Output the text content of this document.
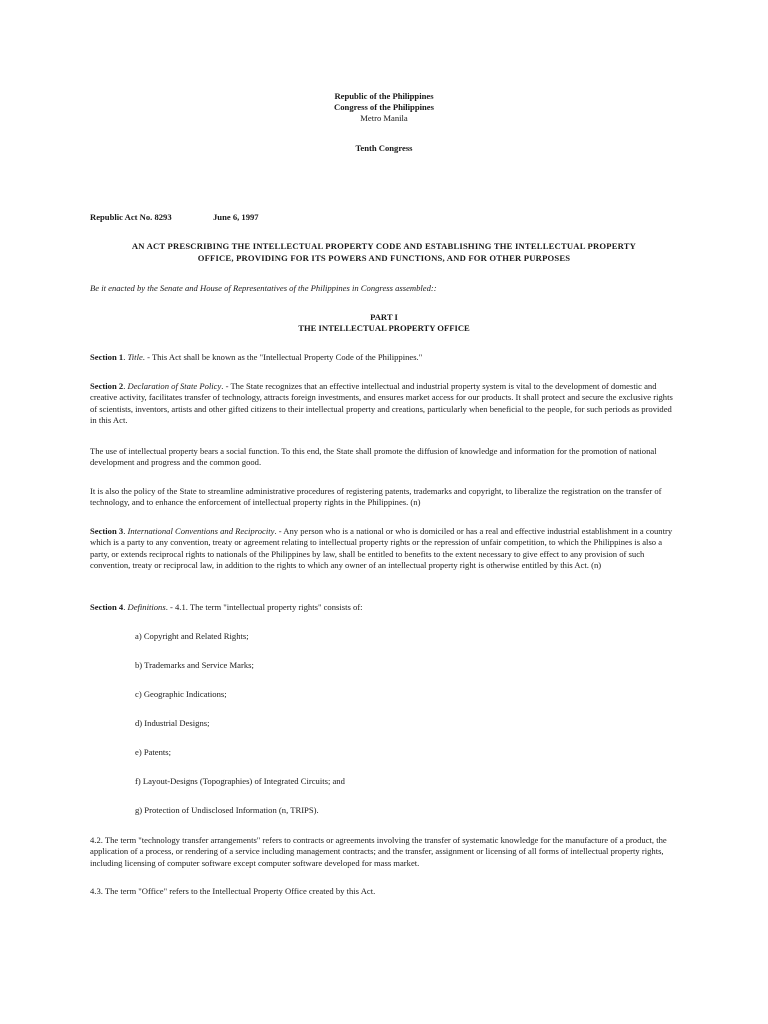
Republic of the Philippines
Congress of the Philippines
Metro Manila
Tenth Congress
Republic Act No. 8293	June 6, 1997
AN ACT PRESCRIBING THE INTELLECTUAL PROPERTY CODE AND ESTABLISHING THE INTELLECTUAL PROPERTY
OFFICE, PROVIDING FOR ITS POWERS AND FUNCTIONS, AND FOR OTHER PURPOSES
Be it enacted by the Senate and House of Representatives of the Philippines in Congress assembled::
PART I
THE INTELLECTUAL PROPERTY OFFICE

Section 1. Title. - This Act shall be known as the "Intellectual Property Code of the Philippines."

Section 2. Declaration of State Policy. - The State recognizes that an effective intellectual and industrial property system is vital to the development of domestic and creative activity, facilitates transfer of technology, attracts foreign investments, and ensures market access for our products. It shall protect and secure the exclusive rights of scientists, inventors, artists and other gifted citizens to their intellectual property and creations, particularly when beneficial to the people, for such periods as provided in this Act.

The use of intellectual property bears a social function. To this end, the State shall promote the diffusion of knowledge and information for the promotion of national development and progress and the common good.

It is also the policy of the State to streamline administrative procedures of registering patents, trademarks and copyright, to liberalize the registration on the transfer of technology, and to enhance the enforcement of intellectual property rights in the Philippines. (n)

Section 3. International Conventions and Reciprocity. - Any person who is a national or who is domiciled or has a real and effective industrial establishment in a country which is a party to any convention, treaty or agreement relating to intellectual property rights or the repression of unfair competition, to which the Philippines is also a party, or extends reciprocal rights to nationals of the Philippines by law, shall be entitled to benefits to the extent necessary to give effect to any provision of such convention, treaty or reciprocal law, in addition to the rights to which any owner of an intellectual property right is otherwise entitled by this Act. (n)

Section 4. Definitions. - 4.1. The term "intellectual property rights" consists of:

a) Copyright and Related Rights;
b) Trademarks and Service Marks;
c) Geographic Indications;
d) Industrial Designs;
e) Patents;
f) Layout-Designs (Topographies) of Integrated Circuits; and
g) Protection of Undisclosed Information (n, TRIPS).

4.2. The term "technology transfer arrangements" refers to contracts or agreements involving the transfer of systematic knowledge for the manufacture of a product, the application of a process, or rendering of a service including management contracts; and the transfer, assignment or licensing of all forms of intellectual property rights, including licensing of computer software except computer software developed for mass market.

4.3. The term "Office" refers to the Intellectual Property Office created by this Act.
